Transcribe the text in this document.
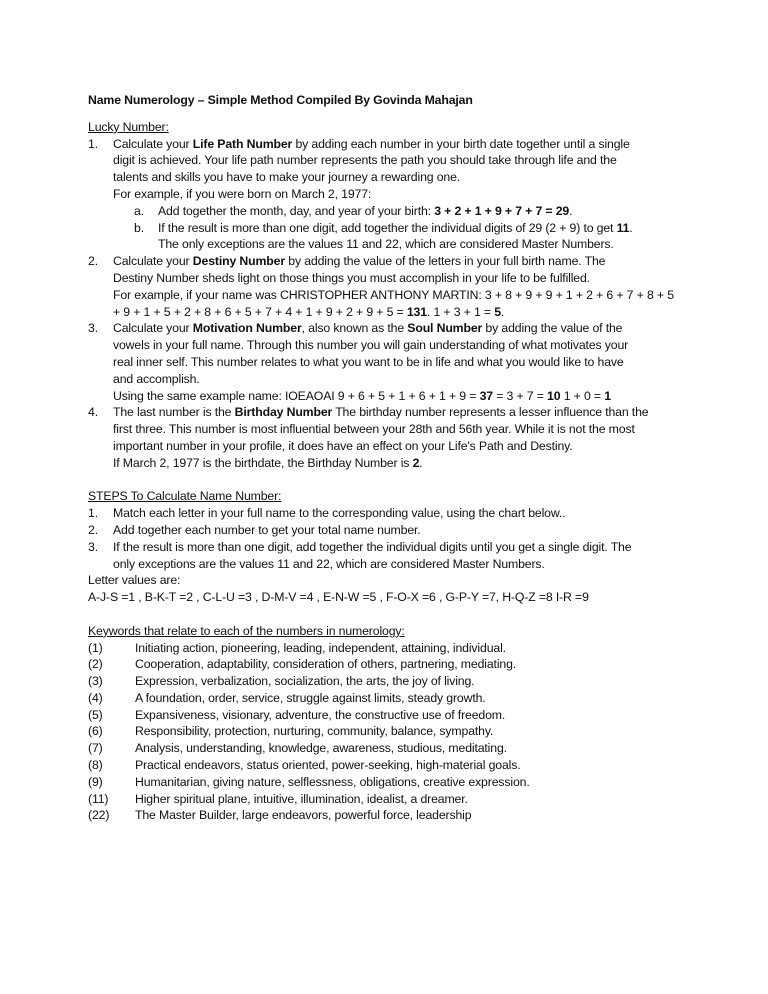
Name Numerology – Simple Method Compiled By Govinda Mahajan
Lucky Number:
1. Calculate your Life Path Number by adding each number in your birth date together until a single
digit is achieved. Your life path number represents the path you should take through life and the
talents and skills you have to make your journey a rewarding one.
For example, if you were born on March 2, 1977:
a. Add together the month, day, and year of your birth: 3 + 2 + 1 + 9 + 7 + 7 = 29.
b. If the result is more than one digit, add together the individual digits of 29 (2 + 9) to get 11.
The only exceptions are the values 11 and 22, which are considered Master Numbers.
2. Calculate your Destiny Number by adding the value of the letters in your full birth name. The
Destiny Number sheds light on those things you must accomplish in your life to be fulfilled.
For example, if your name was CHRISTOPHER ANTHONY MARTIN: 3 + 8 + 9 + 9 + 1 + 2 + 6 + 7 + 8 + 5
+ 9 + 1 + 5 + 2 + 8 + 6 + 5 + 7 + 4 + 1 + 9 + 2 + 9 + 5 = 131. 1 + 3 + 1 = 5.
3. Calculate your Motivation Number, also known as the Soul Number by adding the value of the
vowels in your full name. Through this number you will gain understanding of what motivates your
real inner self. This number relates to what you want to be in life and what you would like to have
and accomplish.
Using the same example name: IOEAOAI 9 + 6 + 5 + 1 + 6 + 1 + 9 = 37 = 3 + 7 = 10 1 + 0 = 1
4. The last number is the Birthday Number The birthday number represents a lesser influence than the
first three. This number is most influential between your 28th and 56th year. While it is not the most
important number in your profile, it does have an effect on your Life's Path and Destiny.
If March 2, 1977 is the birthdate, the Birthday Number is 2.
STEPS To Calculate Name Number:
1. Match each letter in your full name to the corresponding value, using the chart below..
2. Add together each number to get your total name number.
3. If the result is more than one digit, add together the individual digits until you get a single digit. The
only exceptions are the values 11 and 22, which are considered Master Numbers.
Letter values are:
A-J-S =1 , B-K-T =2 , C-L-U =3 , D-M-V =4 , E-N-W =5 , F-O-X =6 , G-P-Y =7, H-Q-Z =8 I-R =9
Keywords that relate to each of the numbers in numerology:
(1)	Initiating action, pioneering, leading, independent, attaining, individual.
(2)	Cooperation, adaptability, consideration of others, partnering, mediating.
(3)	Expression, verbalization, socialization, the arts, the joy of living.
(4)	A foundation, order, service, struggle against limits, steady growth.
(5)	Expansiveness, visionary, adventure, the constructive use of freedom.
(6)	Responsibility, protection, nurturing, community, balance, sympathy.
(7)	Analysis, understanding, knowledge, awareness, studious, meditating.
(8)	Practical endeavors, status oriented, power-seeking, high-material goals.
(9)	Humanitarian, giving nature, selflessness, obligations, creative expression.
(11) Higher spiritual plane, intuitive, illumination, idealist, a dreamer.
(22) The Master Builder, large endeavors, powerful force, leadership
